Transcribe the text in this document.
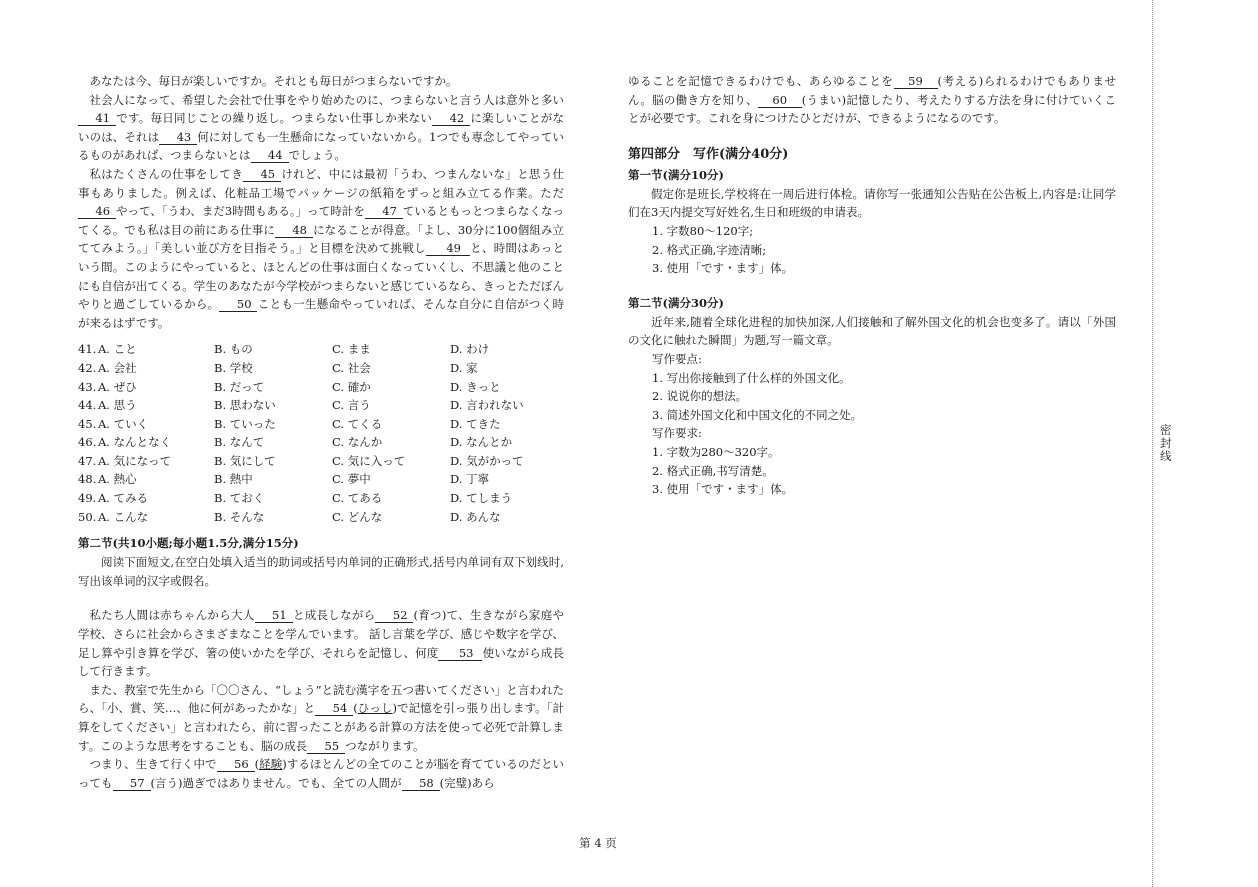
あなたは今、毎日が楽しいですか。それとも毎日がつまらないですか。

社会人になって、希望した会社で仕事をやり始めたのに、つまらないと言う人は意外と多い41 です。毎日同じことの繰り返し。つまらない仕事しか来ない 42 に楽しいことがないのは、それは 43 何に対しても一生懸命になっていないから。1つでも専念してやっているものがあれば、つまらないとは 44 でしょう。

私はたくさんの仕事をしてき 45 けれど、中には最初「うわ、つまんないな」と思う仕事もありました。例えば、化粧品工場でパッケージの紙箱をずっと組み立てる作業。ただ46 やって、「うわ、まだ3時間もある。」って時計を 47 ているともっとつまらなくなってくる。でも私は目の前にある仕事に 48 になることが得意。「よし、30分に100個組み立ててみよう。」「美しい並び方を目指そう。」と目標を決めて挑戦し 49 と、時間はあっという間。このようにやっていると、ほとんどの仕事は面白くなっていくし、不思議と他のことにも自信が出てくる。学生のあなたが今学校がつまらないと感じているなら、きっとただぼんやりと過ごしているから。 50 ことも一生懸命やっていれば、そんな自分に自信がつく時が来るはずです。

41. A. こと	B. もの	C. まま	D. わけ
42. A. 会社	B. 学校	C. 社会	D. 家
43. A. ぜひ	B. だって	C. 確か	D. きっと
44. A. 思う	B. 思わない	C. 言う	D. 言われない
45. A. ていく	B. ていった	C. てくる	D. てきた
46. A. なんとなく	B. なんて	C. なんか	D. なんとか
47. A. 気になって	B. 気にして	C. 気に入って	D. 気がかって
48. A. 熱心	B. 熱中	C. 夢中	D. 丁寧
49. A. てみる	B. ておく	C. てある	D. てしまう
50. A. こんな	B. そんな	C. どんな	D. あんな

第二节(共10小题;每小题1.5分,满分15分)

阅读下面短文,在空白处填入适当的助词或括号内单词的正确形式,括号内单词有双下划线时,写出该单词的汉字或假名。

私たち人間は赤ちゃんから大人 51 と成長しながら 52 (育つ)て、生きながら家庭や学校、さらに社会からさまざまなことを学んでいます。 話し言葉を学び、感じや数字を学び、足し算や引き算を学び、箸の使いかたを学び、それらを記憶し、何度 53 使いながら成長して行きます。

また、教室で先生から「〇〇さん、“しょう”と読む漢字を五つ書いてください」と言われたら、「小、賞、笑…、他に何があったかな」と 54 (ひっし)で記憶を引っ張り出します。「計算をしてください」と言われたら、前に習ったことがある計算の方法を使って必死で計算します。このような思考をすることも、脳の成長 55 つながります。

つまり、生きて行く中で 56 (経験)するほとんどの全てのことが脳を育てているのだといっても 57 (言う)過ぎではありません。でも、全ての人間が 58 (完璧)あら

ゆることを記憶できるわけでも、あらゆることを 59 (考える)られるわけでもありません。脳の働き方を知り、 60 (うまい)記憶したり、考えたりする方法を身に付けていくことが必要です。これを身につけたひとだけが、できるようになるのです。

第四部分　写作(满分40分)

第一节(满分10分)

假定你是班长,学校将在一周后进行体检。请你写一张通知公告贴在公告板上,内容是:让同学们在3天内提交写好姓名,生日和班级的申请表。

1. 字数80～120字;

2. 格式正确,字迹清晰;

3. 使用「です・ます」体。

第二节(满分30分)

近年来,随着全球化进程的加快加深,人们接触和了解外国文化的机会也变多了。请以「外国の文化に触れた瞬間」为题,写一篇文章。

写作要点:

1. 写出你接触到了什么样的外国文化。

2. 说说你的想法。

3. 简述外国文化和中国文化的不同之处。

写作要求:

1. 字数为280～320字。

2. 格式正确,书写清楚。

3. 使用「です・ます」体。

第 4 页
密封线
